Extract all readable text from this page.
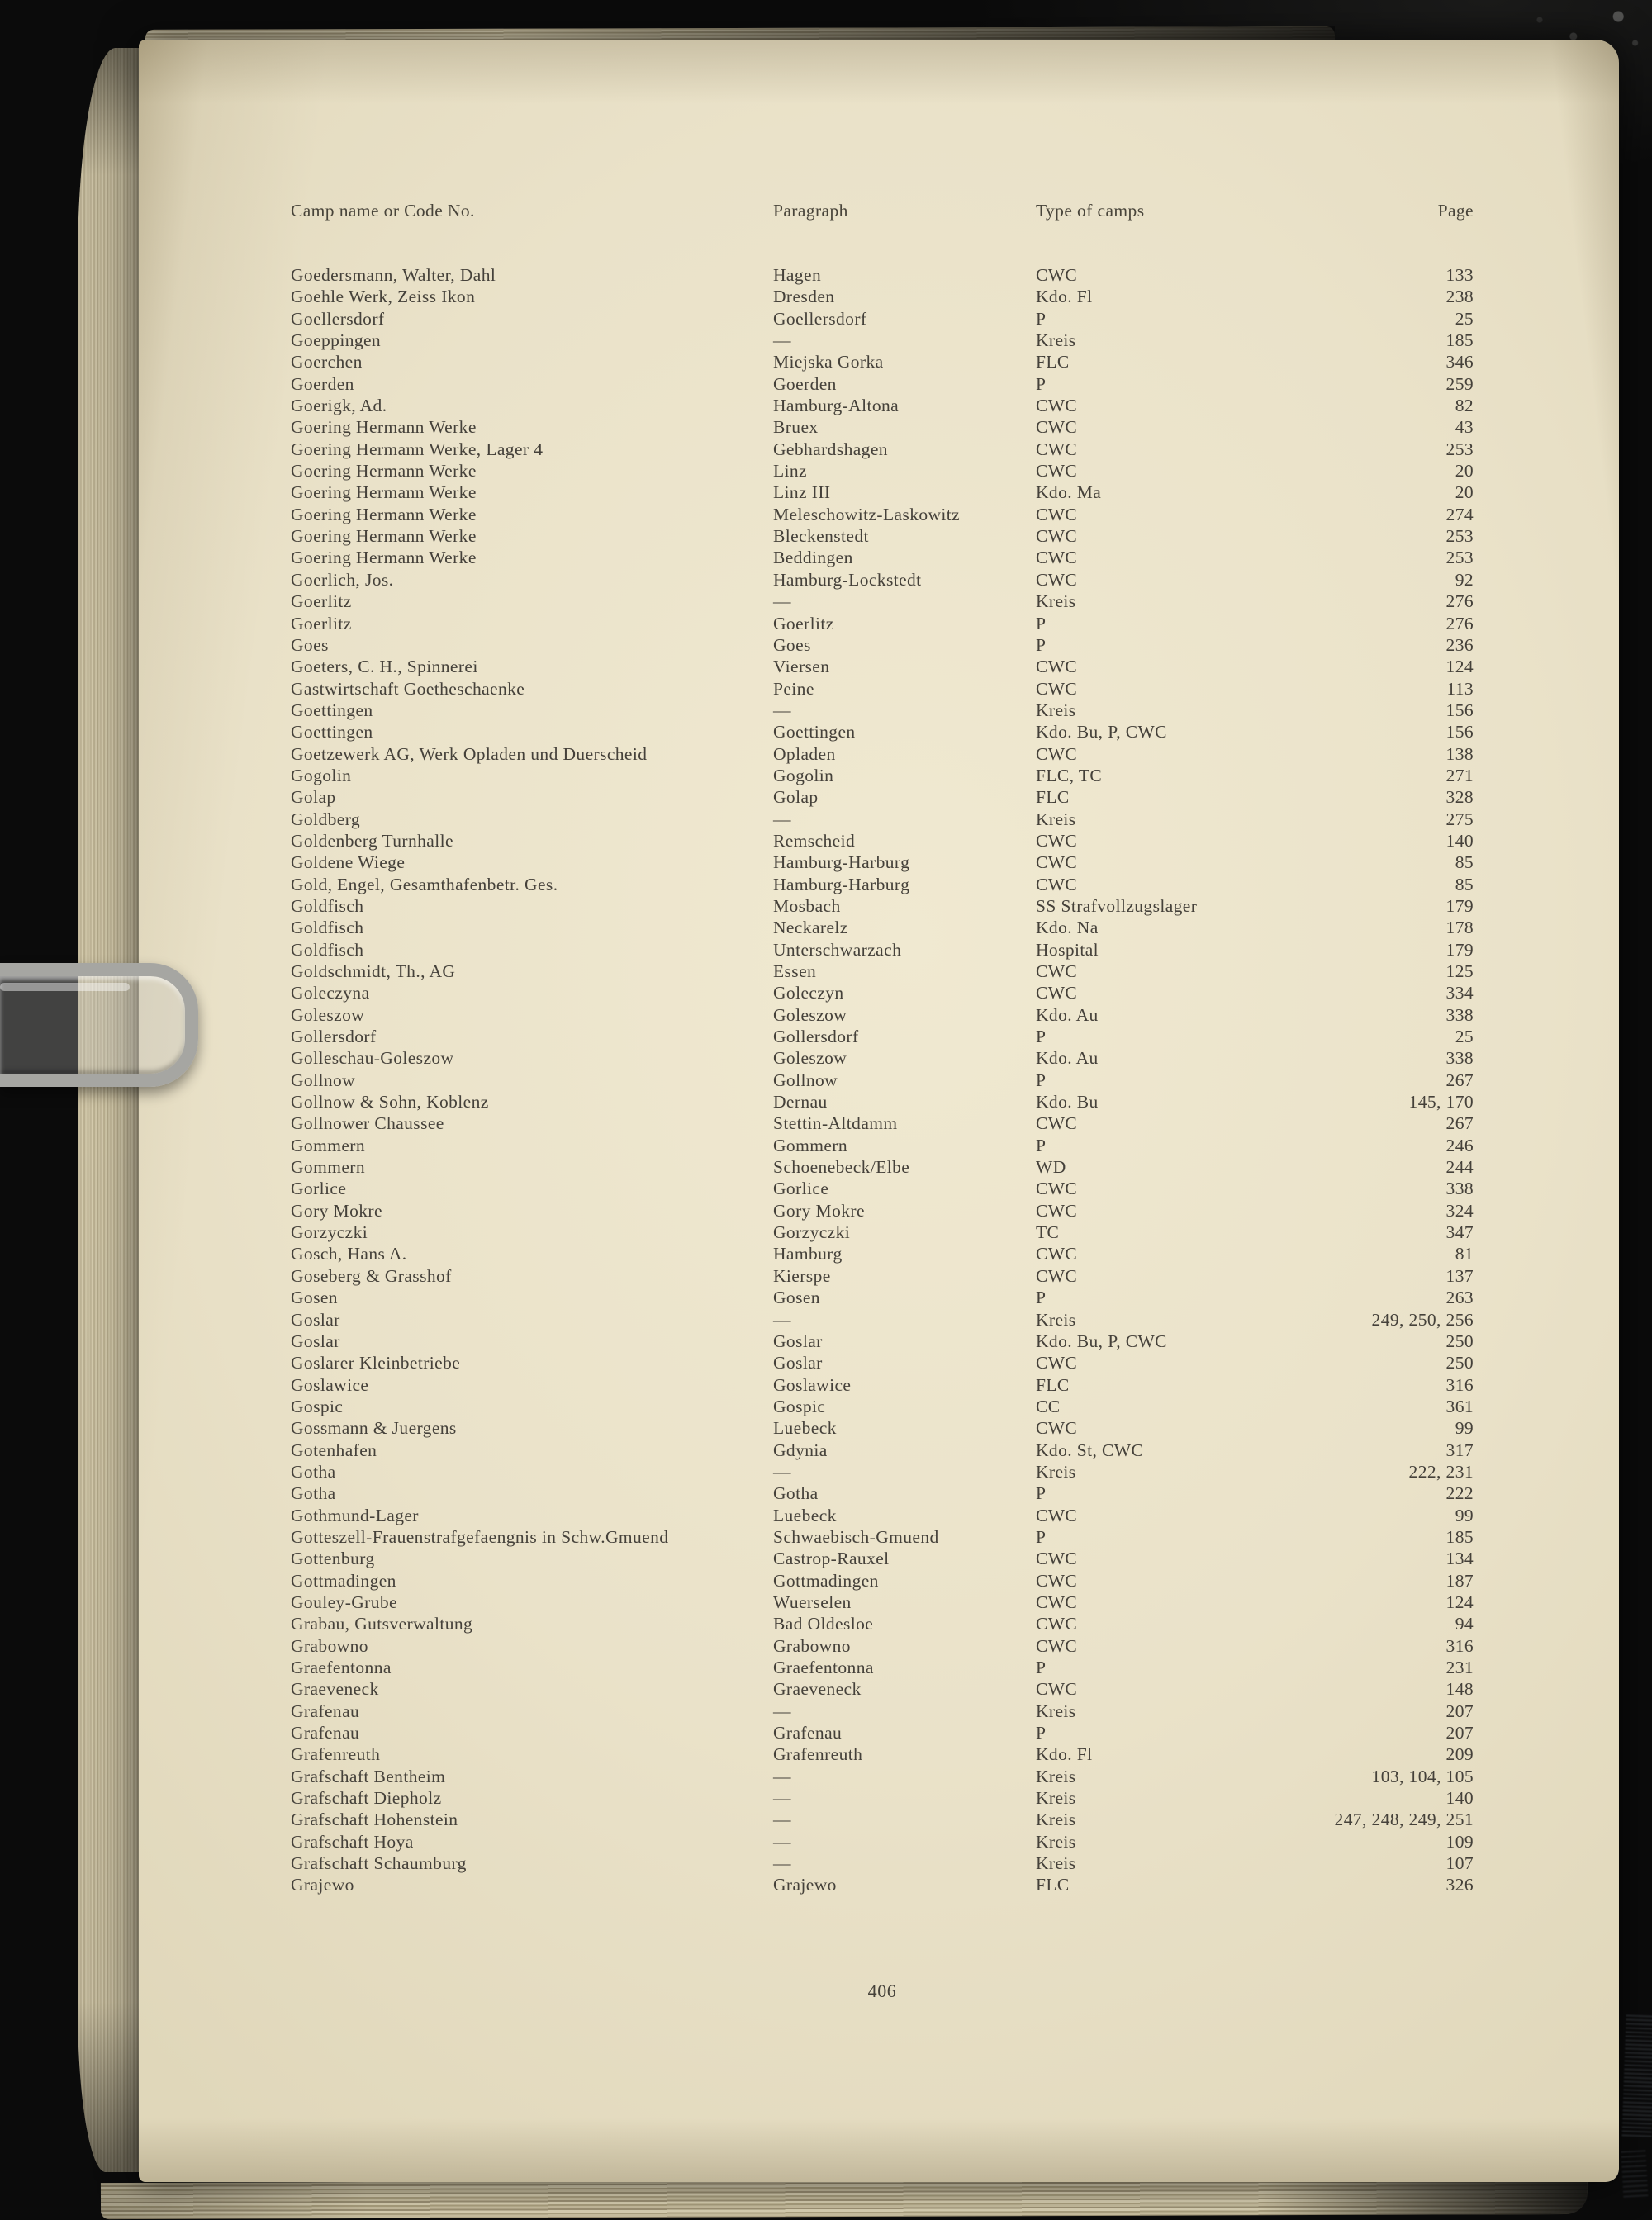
Camp name or Code No.	Paragraph	Type of camps	Page
Goedersmann, Walter, Dahl	Hagen	CWC	133
Goehle Werk, Zeiss Ikon	Dresden	Kdo. Fl	238
Goellersdorf	Goellersdorf	P	25
Goeppingen	—	Kreis	185
Goerchen	Miejska Gorka	FLC	346
Goerden	Goerden	P	259
Goerigk, Ad.	Hamburg-Altona	CWC	82
Goering Hermann Werke	Bruex	CWC	43
Goering Hermann Werke, Lager 4	Gebhardshagen	CWC	253
Goering Hermann Werke	Linz	CWC	20
Goering Hermann Werke	Linz III	Kdo. Ma	20
Goering Hermann Werke	Meleschowitz-Laskowitz	CWC	274
Goering Hermann Werke	Bleckenstedt	CWC	253
Goering Hermann Werke	Beddingen	CWC	253
Goerlich, Jos.	Hamburg-Lockstedt	CWC	92
Goerlitz	—	Kreis	276
Goerlitz	Goerlitz	P	276
Goes	Goes	P	236
Goeters, C. H., Spinnerei	Viersen	CWC	124
Gastwirtschaft Goetheschaenke	Peine	CWC	113
Goettingen	—	Kreis	156
Goettingen	Goettingen	Kdo. Bu, P, CWC	156
Goetzewerk AG, Werk Opladen und Duerscheid	Opladen	CWC	138
Gogolin	Gogolin	FLC, TC	271
Golap	Golap	FLC	328
Goldberg	—	Kreis	275
Goldenberg Turnhalle	Remscheid	CWC	140
Goldene Wiege	Hamburg-Harburg	CWC	85
Gold, Engel, Gesamthafenbetr. Ges.	Hamburg-Harburg	CWC	85
Goldfisch	Mosbach	SS Strafvollzugslager	179
Goldfisch	Neckarelz	Kdo. Na	178
Goldfisch	Unterschwarzach	Hospital	179
Goldschmidt, Th., AG	Essen	CWC	125
Goleczyna	Goleczyn	CWC	334
Goleszow	Goleszow	Kdo. Au	338
Gollersdorf	Gollersdorf	P	25
Golleschau-Goleszow	Goleszow	Kdo. Au	338
Gollnow	Gollnow	P	267
Gollnow & Sohn, Koblenz	Dernau	Kdo. Bu	145, 170
Gollnower Chaussee	Stettin-Altdamm	CWC	267
Gommern	Gommern	P	246
Gommern	Schoenebeck/Elbe	WD	244
Gorlice	Gorlice	CWC	338
Gory Mokre	Gory Mokre	CWC	324
Gorzyczki	Gorzyczki	TC	347
Gosch, Hans A.	Hamburg	CWC	81
Goseberg & Grasshof	Kierspe	CWC	137
Gosen	Gosen	P	263
Goslar	—	Kreis	249, 250, 256
Goslar	Goslar	Kdo. Bu, P, CWC	250
Goslarer Kleinbetriebe	Goslar	CWC	250
Goslawice	Goslawice	FLC	316
Gospic	Gospic	CC	361
Gossmann & Juergens	Luebeck	CWC	99
Gotenhafen	Gdynia	Kdo. St, CWC	317
Gotha	—	Kreis	222, 231
Gotha	Gotha	P	222
Gothmund-Lager	Luebeck	CWC	99
Gotteszell-Frauenstrafgefaengnis in Schw.Gmuend	Schwaebisch-Gmuend	P	185
Gottenburg	Castrop-Rauxel	CWC	134
Gottmadingen	Gottmadingen	CWC	187
Gouley-Grube	Wuerselen	CWC	124
Grabau, Gutsverwaltung	Bad Oldesloe	CWC	94
Grabowno	Grabowno	CWC	316
Graefentonna	Graefentonna	P	231
Graeveneck	Graeveneck	CWC	148
Grafenau	—	Kreis	207
Grafenau	Grafenau	P	207
Grafenreuth	Grafenreuth	Kdo. Fl	209
Grafschaft Bentheim	—	Kreis	103, 104, 105
Grafschaft Diepholz	—	Kreis	140
Grafschaft Hohenstein	—	Kreis	247, 248, 249, 251
Grafschaft Hoya	—	Kreis	109
Grafschaft Schaumburg	—	Kreis	107
Grajewo	Grajewo	FLC	326
406
